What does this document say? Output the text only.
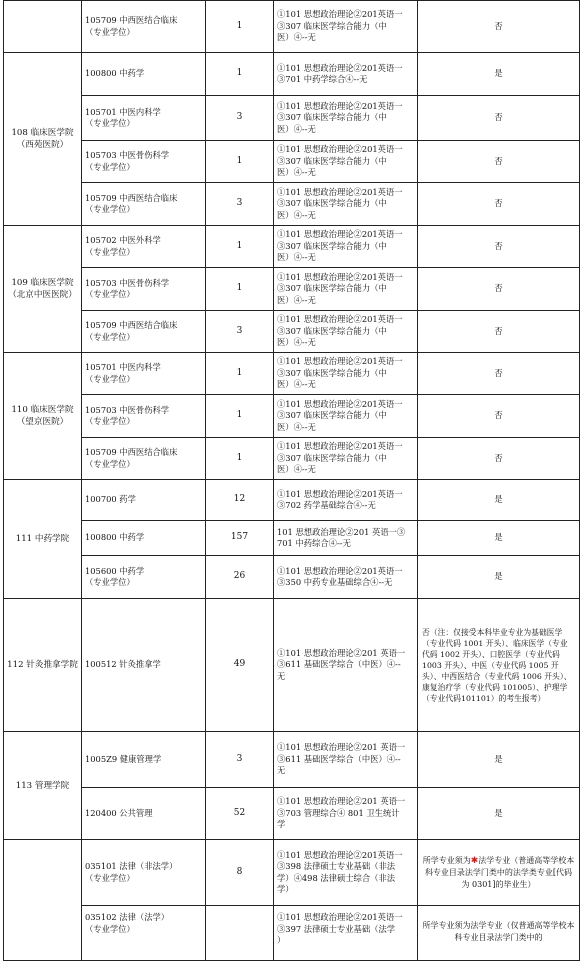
	105709 中西医结合临床
（专业学位）	1	①101 思想政治理论②201英语一
③307 临床医学综合能力（中
医）④--无	否
108 临床医学院
（西苑医院）	100800 中药学	1	①101 思想政治理论②201英语一
③701 中药学综合④--无	是
	105701 中医内科学
（专业学位）	3	①101 思想政治理论②201英语一
③307 临床医学综合能力（中
医）④--无	否
	105703 中医骨伤科学
（专业学位）	1	①101 思想政治理论②201英语一
③307 临床医学综合能力（中
医）④--无	否
	105709 中西医结合临床
（专业学位）	3	①101 思想政治理论②201英语一
③307 临床医学综合能力（中
医）④--无	否
109 临床医学院
（北京中医医院）	105702 中医外科学
（专业学位）	1	①101 思想政治理论②201英语一
③307 临床医学综合能力（中
医）④--无	否
	105703 中医骨伤科学
（专业学位）	1	①101 思想政治理论②201英语一
③307 临床医学综合能力（中
医）④--无	否
	105709 中西医结合临床
（专业学位）	3	①101 思想政治理论②201英语一
③307 临床医学综合能力（中
医）④--无	否
110 临床医学院
（望京医院）	105701 中医内科学
（专业学位）	1	①101 思想政治理论②201英语一
③307 临床医学综合能力（中
医）④--无	否
	105703 中医骨伤科学
（专业学位）	1	①101 思想政治理论②201英语一
③307 临床医学综合能力（中
医）④--无	否
	105709 中西医结合临床
（专业学位）	1	①101 思想政治理论②201英语一
③307 临床医学综合能力（中
医）④--无	否
111 中药学院	100700 药学	12	①101 思想政治理论②201英语一
③702 药学基础综合④--无	是
	100800 中药学	157	101 思想政治理论②201 英语一③
701 中药综合④--无	是
	105600 中药学
（专业学位）	26	①101 思想政治理论②201英语一
③350 中药专业基础综合④--无	是
112 针灸推拿学院	100512 针灸推拿学	49	①101 思想政治理论②201 英语一
③611 基础医学综合（中医）④--
无	否（注：仅接受本科毕业专业为基础医学（专业代码 1001 开头）、临床医学（专业代码 1002 开头）、口腔医学（专业代码 1003 开头）、中医（专业代码 1005 开头）、中西医结合（专业代码 1006 开头）、康复治疗学（专业代码 101005）、护理学（专业代码101101）的考生报考）
113 管理学院	1005Z9 健康管理学	3	①101 思想政治理论②201 英语一
③611 基础医学综合（中医）④--
无	是
	120400 公共管理	52	①101 思想政治理论②201 英语一
③703 管理综合④ 801 卫生统计
学	是
	035101 法律（非法学）
（专业学位）	8	①101 思想政治理论②201英语一
③398 法律硕士专业基础（非法
学）④498 法律硕士综合（非法
学）	所学专业须为✱法学专业（普通高等学校本科专业目录法学门类中的法学类专业[代码为 0301]的毕业生）
	035102 法律（法学）
（专业学位）		①101 思想政治理论②201英语一
③397 法律硕士专业基础（法学
）	所学专业须为法学专业（仅普通高等学校本科专业目录法学门类中的
